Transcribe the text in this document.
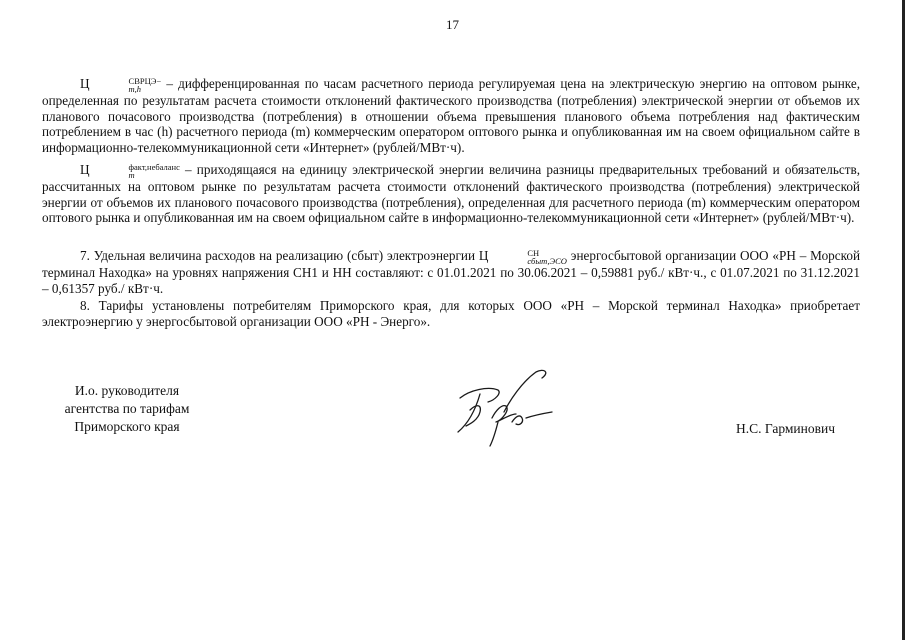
17

Ц	СВРЦЭ−
m,h	– дифференцированная по часам расчетного периода регулируемая цена на электрическую энергию на оптовом рынке, определенная по результатам расчета стоимости отклонений фактического производства (потребления) электрической энергии от объемов их планового почасового производства (потребления) в отношении объема превышения планового объема потребления над фактическим потреблением в час (h) расчетного периода (m) коммерческим оператором оптового рынка и опубликованная им на своем официальном сайте в информационно-телекоммуникационной сети «Интернет» (рублей/МВт·ч).

Ц	факт,небаланс
m	– приходящаяся на единицу электрической энергии величина разницы предварительных требований и обязательств, рассчитанных на оптовом рынке по результатам расчета стоимости отклонений фактического производства (потребления) электрической энергии от объемов их планового почасового производства (потребления), определенная для расчетного периода (m) коммерческим оператором оптового рынка и опубликованная им на своем официальном сайте в информационно-телекоммуникационной сети «Интернет» (рублей/МВт·ч).

7. Удельная величина расходов на реализацию (сбыт) электроэнергии Ц	СН
сбыт,ЭСО энергосбытовой организации ООО «РН – Морской терминал Находка» на уровнях напряжения СН1 и НН составляют: с 01.01.2021 по 30.06.2021 – 0,59881 руб./ кВт·ч., с 01.07.2021 по 31.12.2021 – 0,61357 руб./ кВт·ч.

8. Тарифы установлены потребителям Приморского края, для которых ООО «РН – Морской терминал Находка» приобретает электроэнергию у энергосбытовой организации ООО «РН - Энерго».

И.о. руководителя
агентства по тарифам
Приморского края	Н.С. Гарминович
